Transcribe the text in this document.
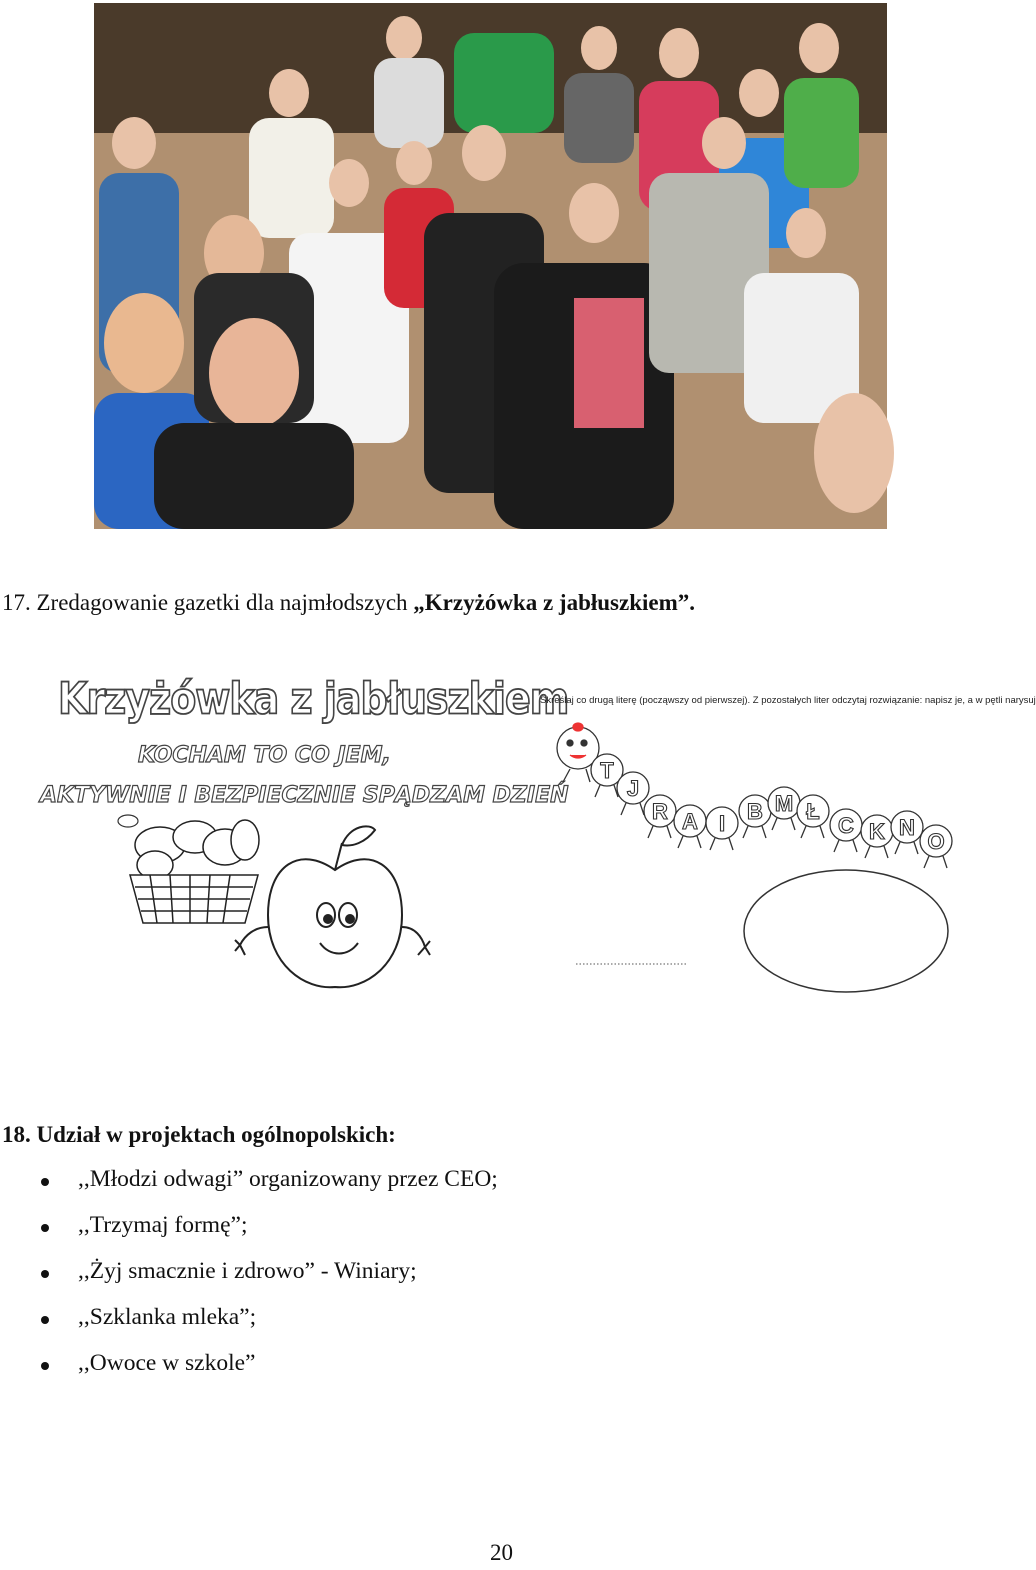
17. Zredagowanie gazetki dla najmłodszych „Krzyżówka z jabłuszkiem”.
Krzyżówka z jabłuszkiem
KOCHAM TO CO JEM,
AKTYWNIE I BEZPIECZNIE SPĄDZAM DZIEŃ
Skreślaj co drugą literę (począwszy od pierwszej). Z pozostałych liter odczytaj rozwiązanie: napisz je, a w pętli narysuj
T
J
R A I B M Ł
C K N
O
18. Udział w projektach ogólnopolskich:
,,Młodzi odwagi” organizowany przez CEO;
,,Trzymaj formę”;
,,Żyj smacznie i zdrowo” - Winiary;
,,Szklanka mleka”;
,,Owoce w szkole”
20
